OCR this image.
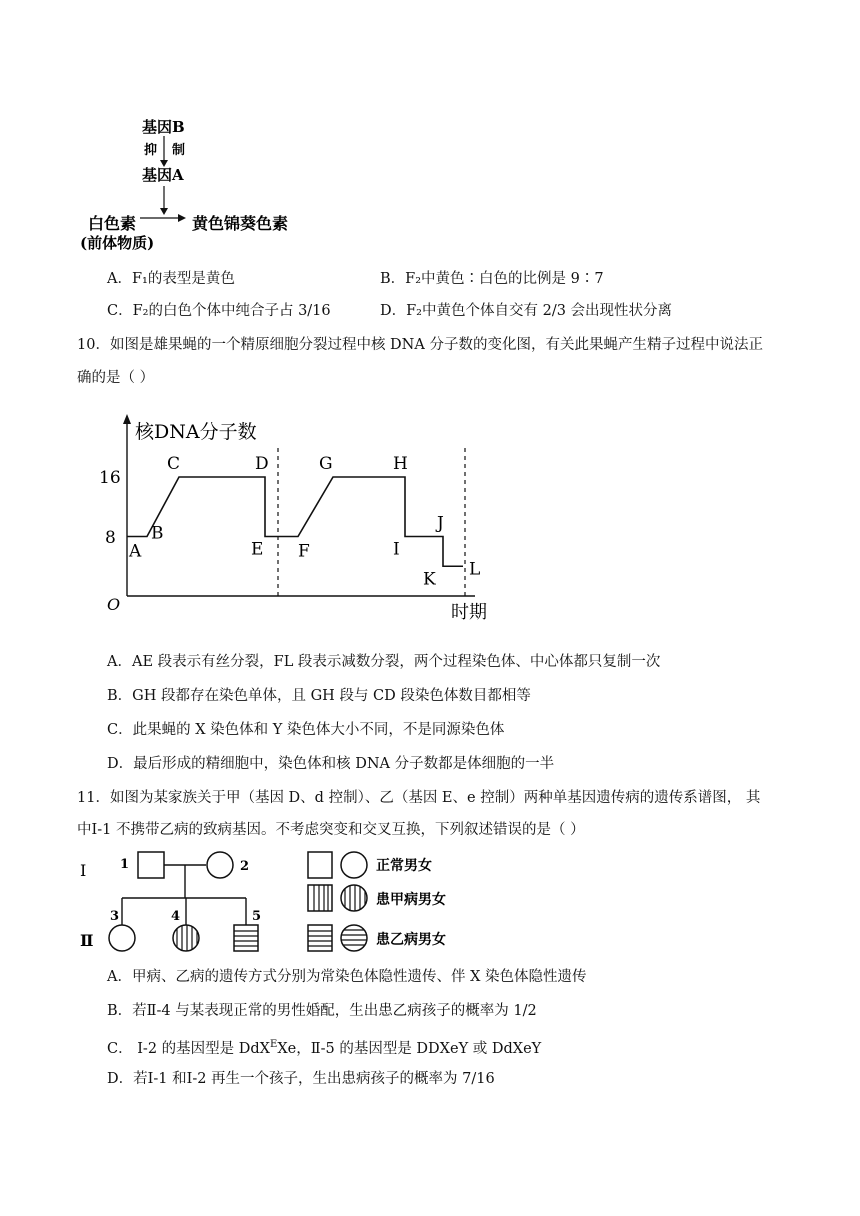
基因B
抑 制
基因A
白色素	黄色锦葵色素
(前体物质)
A．F₁的表型是黄色	B．F₂中黄色∶白色的比例是 9∶7
C．F₂的白色个体中纯合子占 3/16	D．F₂中黄色个体自交有 2/3 会出现性状分离
10．如图是雄果蝇的一个精原细胞分裂过程中核 DNA 分子数的变化图，有关此果蝇产生精子过程中说法正
确的是（ ）
核DNA分子数
时期
O
16
8
A
B
C	D
E F
G	H
I
J
K L
A．AE 段表示有丝分裂，FL 段表示减数分裂，两个过程染色体、中心体都只复制一次
B．GH 段都存在染色单体，且 GH 段与 CD 段染色体数目都相等
C．此果蝇的 X 染色体和 Y 染色体大小不同，不是同源染色体
D．最后形成的精细胞中，染色体和核 DNA 分子数都是体细胞的一半
11．如图为某家族关于甲（基因 D、d 控制）、乙（基因 E、e 控制）两种单基因遗传病的遗传系谱图， 其
中Ⅰ-1 不携带乙病的致病基因。不考虑突变和交叉互换，下列叙述错误的是（ ）
Ⅰ
Ⅱ
1	2
3	4	5
正常男女
患甲病男女
患乙病男女
A．甲病、乙病的遗传方式分别为常染色体隐性遗传、伴 X 染色体隐性遗传
B．若Ⅱ-4 与某表现正常的男性婚配，生出患乙病孩子的概率为 1/2
C． Ⅰ-2 的基因型是 DdX$^E$Xe，Ⅱ-5 的基因型是 DDXeY 或 DdXeY
D．若Ⅰ-1 和Ⅰ-2 再生一个孩子，生出患病孩子的概率为 7/16
